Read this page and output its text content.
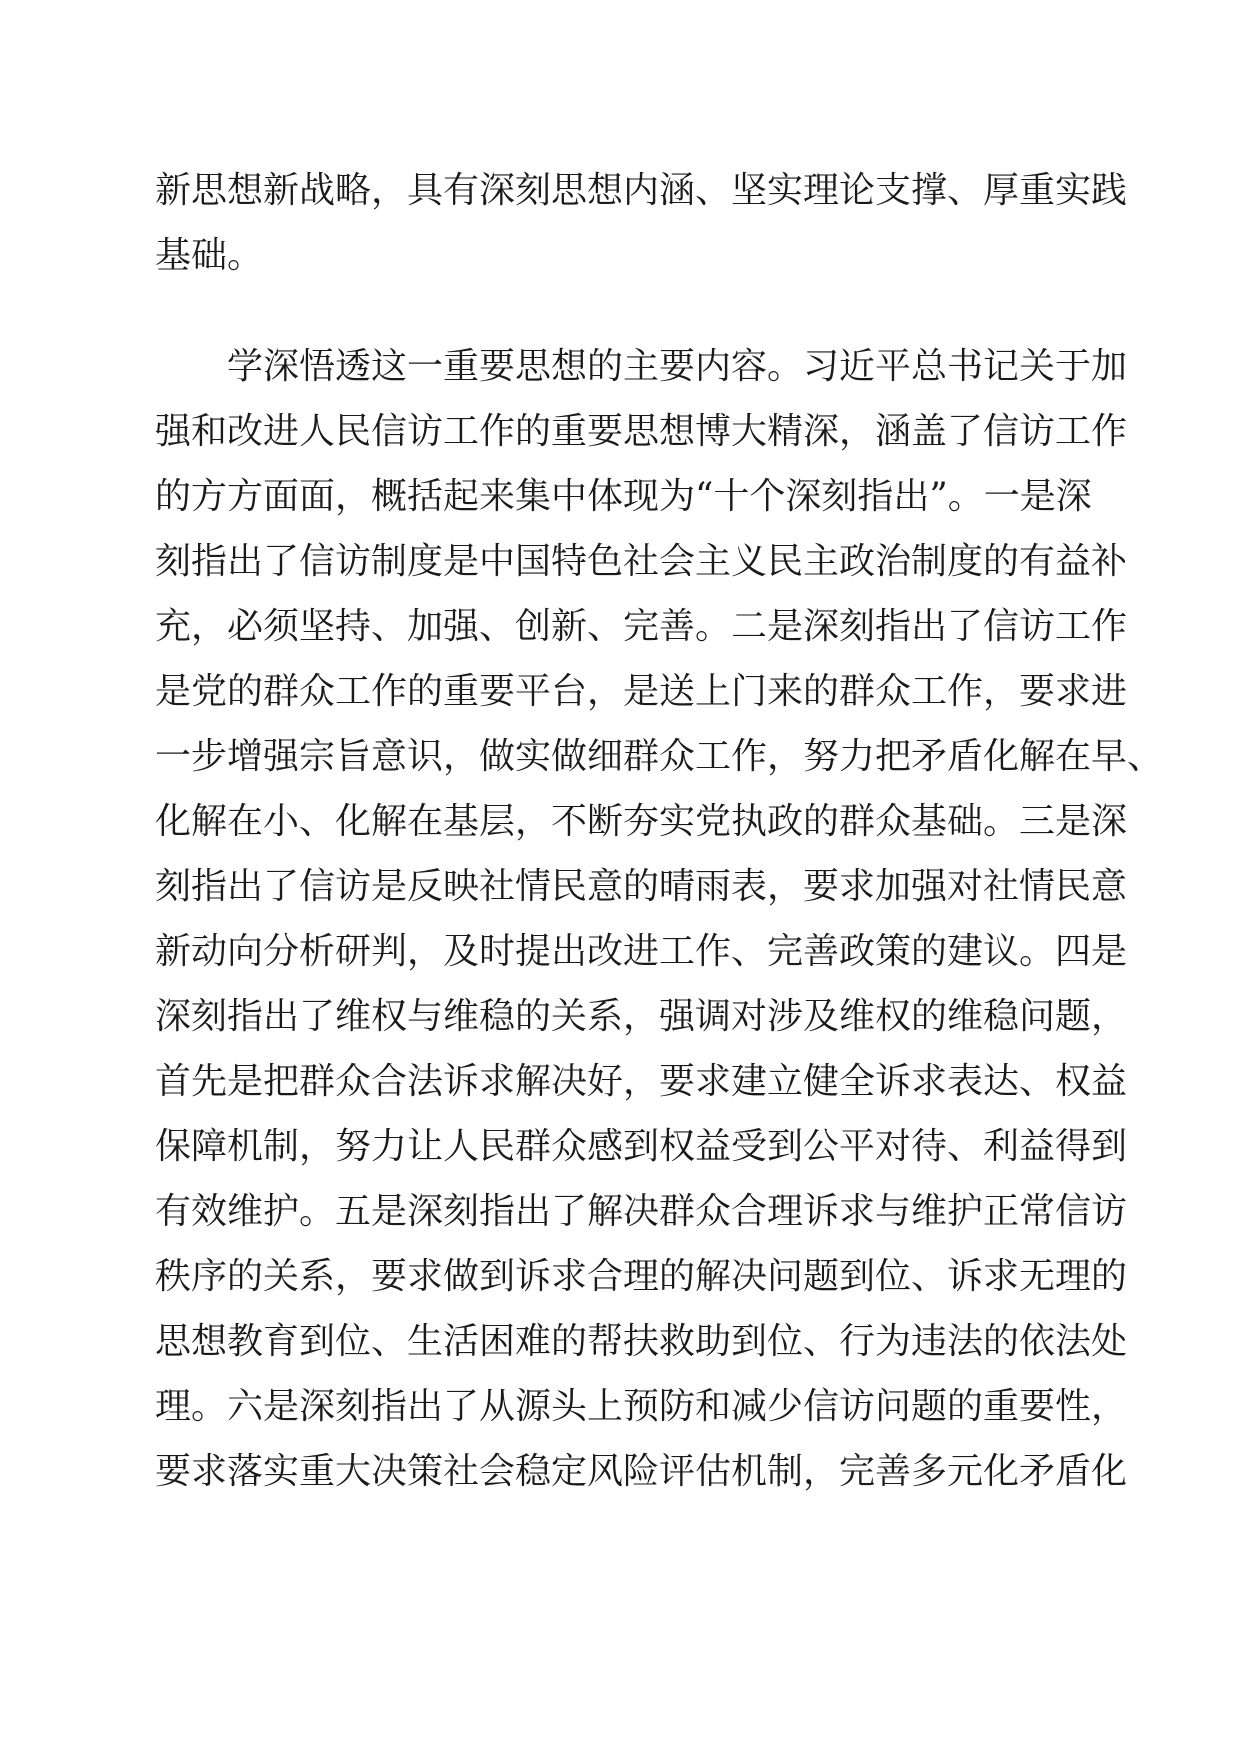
新思想新战略，具有深刻思想内涵、坚实理论支撑、厚重实践
基础。
学深悟透这一重要思想的主要内容。习近平总书记关于加
强和改进人民信访工作的重要思想博大精深，涵盖了信访工作
的方方面面，概括起来集中体现为“十个深刻指出”。一是深
刻指出了信访制度是中国特色社会主义民主政治制度的有益补
充，必须坚持、加强、创新、完善。二是深刻指出了信访工作
是党的群众工作的重要平台，是送上门来的群众工作，要求进
一步增强宗旨意识，做实做细群众工作，努力把矛盾化解在早、
化解在小、化解在基层，不断夯实党执政的群众基础。三是深
刻指出了信访是反映社情民意的晴雨表，要求加强对社情民意
新动向分析研判，及时提出改进工作、完善政策的建议。四是
深刻指出了维权与维稳的关系，强调对涉及维权的维稳问题，
首先是把群众合法诉求解决好，要求建立健全诉求表达、权益
保障机制，努力让人民群众感到权益受到公平对待、利益得到
有效维护。五是深刻指出了解决群众合理诉求与维护正常信访
秩序的关系，要求做到诉求合理的解决问题到位、诉求无理的
思想教育到位、生活困难的帮扶救助到位、行为违法的依法处
理。六是深刻指出了从源头上预防和减少信访问题的重要性，
要求落实重大决策社会稳定风险评估机制，完善多元化矛盾化
